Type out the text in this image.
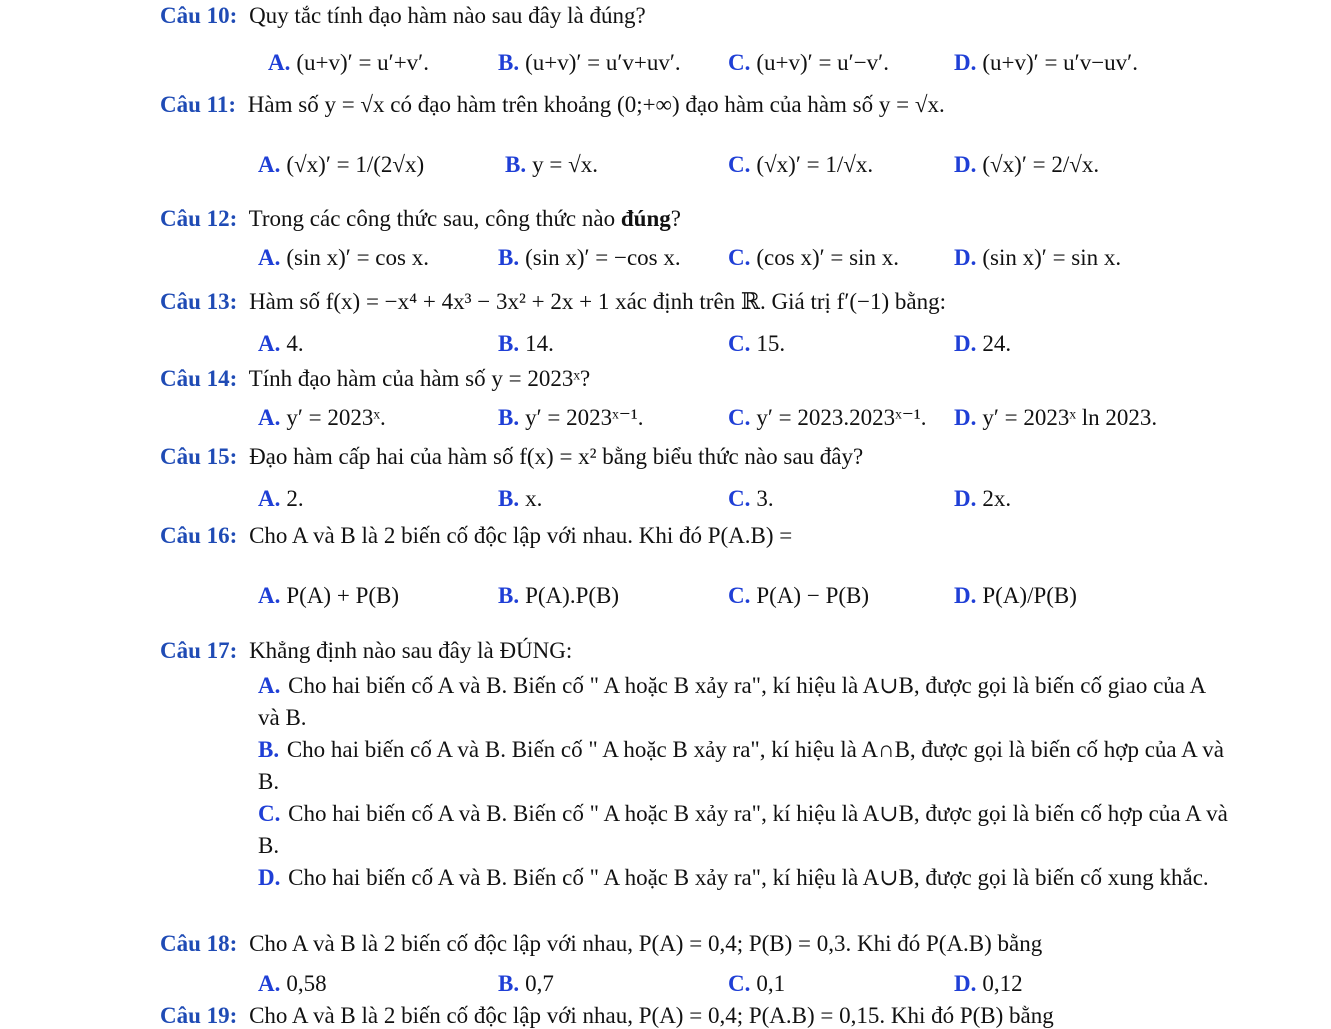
Câu 10: Quy tắc tính đạo hàm nào sau đây là đúng?
A. (u+v)′ = u′+v′.	B. (u+v)′ = u′v+uv′. C. (u+v)′ = u′−v′.	D. (u+v)′ = u′v−uv′.
Câu 11: Hàm số y = √x có đạo hàm trên khoảng (0;+∞) đạo hàm của hàm số y = √x.
A. (√x)′ = 1/(2√x)	B. y = √x.	C. (√x)′ = 1/√x.	D. (√x)′ = 2/√x.
Câu 12: Trong các công thức sau, công thức nào đúng?
A. (sin x)′ = cos x.	B. (sin x)′ = −cos x. C. (cos x)′ = sin x. D. (sin x)′ = sin x.
Câu 13: Hàm số f(x) = −x⁴ + 4x³ − 3x² + 2x + 1 xác định trên ℝ. Giá trị f′(−1) bằng:
A. 4.	B. 14.	C. 15.	D. 24.
Câu 14: Tính đạo hàm của hàm số y = 2023ˣ?
A. y′ = 2023ˣ.	B. y′ = 2023ˣ⁻¹.	C. y′ = 2023.2023ˣ⁻¹. D. y′ = 2023ˣ ln 2023.
Câu 15: Đạo hàm cấp hai của hàm số f(x) = x² bằng biểu thức nào sau đây?
A. 2.	B. x.	C. 3.	D. 2x.
Câu 16: Cho A và B là 2 biến cố độc lập với nhau. Khi đó P(A.B) =
A. P(A) + P(B)	B. P(A).P(B)	C. P(A) − P(B)	D. P(A)/P(B)
Câu 17: Khẳng định nào sau đây là ĐÚNG:
A. Cho hai biến cố A và B. Biến cố " A hoặc B xảy ra", kí hiệu là A∪B, được gọi là biến cố giao của A và B.
B. Cho hai biến cố A và B. Biến cố " A hoặc B xảy ra", kí hiệu là A∩B, được gọi là biến cố hợp của A và B.
C. Cho hai biến cố A và B. Biến cố " A hoặc B xảy ra", kí hiệu là A∪B, được gọi là biến cố hợp của A và B.
D. Cho hai biến cố A và B. Biến cố " A hoặc B xảy ra", kí hiệu là A∪B, được gọi là biến cố xung khắc.
Câu 18: Cho A và B là 2 biến cố độc lập với nhau, P(A) = 0,4; P(B) = 0,3. Khi đó P(A.B) bằng
A. 0,58	B. 0,7	C. 0,1	D. 0,12
Câu 19: Cho A và B là 2 biến cố độc lập với nhau, P(A) = 0,4; P(A.B) = 0,15. Khi đó P(B) bằng
